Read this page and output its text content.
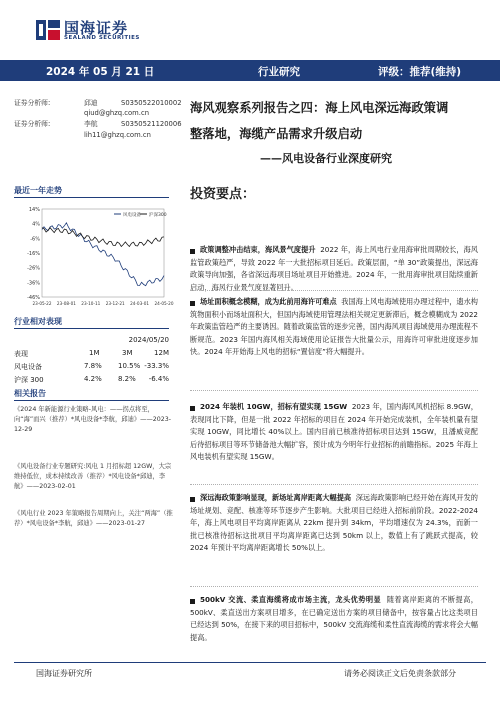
国海证券
SEALAND SECURITIES
2024 年 05 月 21 日	行业研究	评级：推荐(维持)
证券分析师:	邱迪	S0350522010002
qiud@ghzq.com.cn
证券分析师:	李航	S0350521120006
lih11@ghzq.com.cn
海风观察系列报告之四：海上风电深远海政策调
整落地，海缆产品需求升级启动
——风电设备行业深度研究
最近一年走势
14%
4%
-6%
-16%
-26%
-36%
-46%
23-05-22 23-08-01 23-10-11 23-12-21 24-03-01 24-05-20
风电设备 沪深300
行业相对表现
2024/05/20
表现	1M	3M	12M
风电设备	7.8% 10.5% -33.3%
沪深 300	4.2% 8.2% -6.4%
相关报告
《2024 年新能源行业策略-风电：——拐点将至，向“海”而兴（推荐）*风电设备*李航，邱迪》——2023-12-29
《风电设备行业专题研究:风电 1 月招标超 12GW，大宗维持低位，成本持续改善（推荐）*风电设备*邱迪，李航》——2023-02-01
《风电行业 2023 年策略报告周期向上，关注“两海”（推荐）*风电设备*李航，邱迪》——2023-01-27
投资要点：
政策调整冲击结束，海风景气度提升 2022 年，海上风电行业用海审批周期较长，海风监管政策趋严，导致 2022 年一大批招标项目延后。政策层面，“单 30”政策提出，深远海政策导向加强，各省深远海项目场址项目开始推进。2024 年，一批用海审批项目陆续重新启动，海风行业景气度显著回升。
场址面积概念模糊，成为此前用海许可难点 我国海上风电海域使用办理过程中，遗水构筑物面积小而场址面积大，但国内海域使用管理法相关规定更新滞后，概念模糊成为 2022 年政策监管趋严的主要诱因。随着政策监管的逐步完善，国内海风项目海域使用办理流程不断规范。2023 年国内海风相关海域使用论证报告大批量公示，用海许可审批进度逐步加快。2024 年开始海上风电的招标“置信度”将大幅提升。
2024 年装机 10GW，招标有望实现 15GW 2023 年，国内海风风机招标 8.9GW，表现同比下降，但是一批 2022 年招标的项目在 2024 年开始完成装机，全年装机量有望实现 10GW，同比增长 40%以上。国内目前已核准待招标项目达到 15GW，且潘威竞配后待招标项目等环节储备池大幅扩容，预计成为今明年行业招标的前瞻指标。2025 年海上风电装机有望实现 15GW。
深远海政策影响显现，新场址离岸距离大幅提高 深远海政策影响已经开始在海风开发的场址规划、竞配、核准等环节逐步产生影响。大批项目已经进入招标前阶段。2022-2024 年，海上风电项目平均离岸距离从 22km 提升到 34km，平均增速仅为 24.3%，而新一批已核准待招标这批项目平均离岸距离已达到 50km 以上，数值上有了跳跃式提高，较 2024 年预计平均离岸距离增长 50%以上。
500kV 交流、柔直海缆将成市场主流，龙头优势明显 随着离岸距离的不断提高，500kV、柔直送出方案项目增多，在已确定送出方案的项目储备中，按容量占比这类项目已经达到 50%，在接下来的项目招标中，500kV 交流海缆和柔性直流海缆的需求将会大幅提高。
国海证券研究所	请务必阅读正文后免责条款部分
